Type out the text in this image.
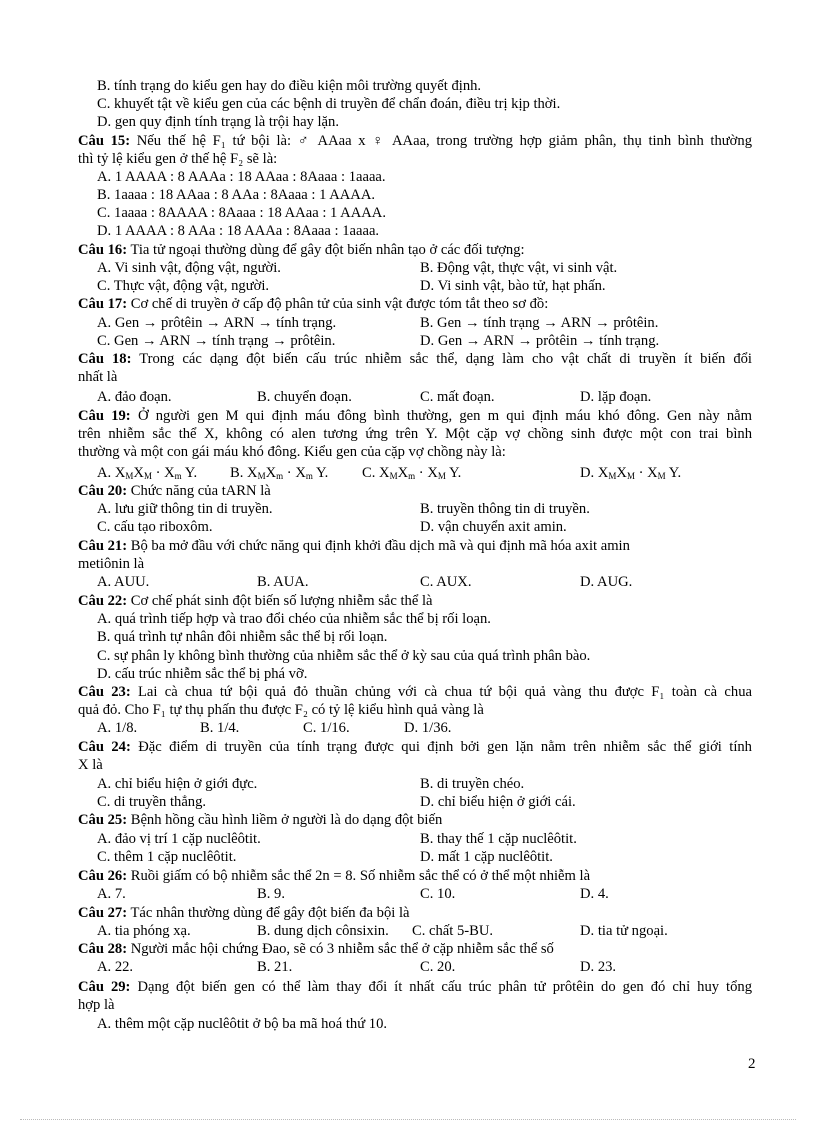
B. tính trạng do kiểu gen hay do điều kiện môi trường quyết định.
C. khuyết tật về kiểu gen của các bệnh di truyền để chẩn đoán, điều trị kịp thời.
D. gen quy định tính trạng là trội hay lặn.
Câu 15: Nếu thế hệ F₁ tứ bội là: ♂ AAaa x ♀ AAaa, trong trường hợp giảm phân, thụ tinh bình thường
thì tỷ lệ kiểu gen ở thế hệ F₂ sẽ là:
A. 1 AAAA : 8 AAAa : 18 AAaa : 8Aaaa : 1aaaa.
B. 1aaaa : 18 AAaa : 8 AAa : 8Aaaa : 1 AAAA.
C. 1aaaa : 8AAAA : 8Aaaa : 18 AAaa : 1 AAAA.
D. 1 AAAA : 8 AAa : 18 AAAa : 8Aaaa : 1aaaa.
Câu 16: Tia tử ngoại thường dùng để gây đột biến nhân tạo ở các đối tượng:
A. Vi sinh vật, động vật, người.	B. Động vật, thực vật, vi sinh vật.
C. Thực vật, động vật, người.	D. Vi sinh vật, bào tử, hạt phấn.
Câu 17: Cơ chế di truyền ở cấp độ phân tử của sinh vật được tóm tắt theo sơ đồ:
A. Gen → prôtêin → ARN → tính trạng.	B. Gen → tính trạng → ARN → prôtêin.
C. Gen → ARN → tính trạng → prôtêin.	D. Gen → ARN → prôtêin → tính trạng.
Câu 18: Trong các dạng đột biến cấu trúc nhiễm sắc thể, dạng làm cho vật chất di truyền ít biến đổi
nhất là
A. đảo đoạn.	B. chuyển đoạn.	C. mất đoạn.	D. lặp đoạn.
Câu 19: Ở người gen M qui định máu đông bình thường, gen m qui định máu khó đông. Gen này nằm
trên nhiễm sắc thể X, không có alen tương ứng trên Y. Một cặp vợ chồng sinh được một con trai bình
thường và một con gái máu khó đông. Kiểu gen của cặp vợ chồng này là:
A. $X_MX_M \cdot X_m$ Y. B. $X_MX_m \cdot X_m$ Y. C. $X_MX_m \cdot X_M$ Y.	D. $X_MX_M \cdot X_M$ Y.
Câu 20: Chức năng của tARN là
A. lưu giữ thông tin di truyền.	B. truyền thông tin di truyền.
C. cấu tạo riboxôm.	D. vận chuyển axit amin.
Câu 21: Bộ ba mở đầu với chức năng qui định khởi đầu dịch mã và qui định mã hóa axit amin
metiônin là
A. AUU.	B. AUA.	C. AUX.	D. AUG.
Câu 22: Cơ chế phát sinh đột biến số lượng nhiễm sắc thể là
A. quá trình tiếp hợp và trao đổi chéo của nhiễm sắc thể bị rối loạn.
B. quá trình tự nhân đôi nhiễm sắc thể bị rối loạn.
C. sự phân ly không bình thường của nhiễm sắc thể ở kỳ sau của quá trình phân bào.
D. cấu trúc nhiễm sắc thể bị phá vỡ.
Câu 23: Lai cà chua tứ bội quả đỏ thuần chủng với cà chua tứ bội quả vàng thu được F₁ toàn cà chua
quả đỏ. Cho F₁ tự thụ phấn thu được F₂ có tỷ lệ kiểu hình quả vàng là
A. 1/8.	B. 1/4.	C. 1/16.	D. 1/36.
Câu 24: Đặc điểm di truyền của tính trạng được qui định bởi gen lặn nằm trên nhiễm sắc thể giới tính
X là
A. chỉ biểu hiện ở giới đực.	B. di truyền chéo.
C. di truyền thẳng.	D. chỉ biểu hiện ở giới cái.
Câu 25: Bệnh hồng cầu hình liềm ở người là do dạng đột biến
A. đảo vị trí 1 cặp nuclêôtit.	B. thay thế 1 cặp nuclêôtit.
C. thêm 1 cặp nuclêôtit.	D. mất 1 cặp nuclêôtit.
Câu 26: Ruồi giấm có bộ nhiễm sắc thể 2n = 8. Số nhiễm sắc thể có ở thể một nhiễm là
A. 7.	B. 9.	C. 10.	D. 4.
Câu 27: Tác nhân thường dùng để gây đột biến đa bội là
A. tia phóng xạ.	B. dung dịch cônsixin. C. chất 5-BU.	D. tia tử ngoại.
Câu 28: Người mắc hội chứng Đao, sẽ có 3 nhiễm sắc thể ở cặp nhiễm sắc thể số
A. 22.	B. 21.	C. 20.	D. 23.
Câu 29: Dạng đột biến gen có thể làm thay đổi ít nhất cấu trúc phân tử prôtêin do gen đó chỉ huy tổng
hợp là
A. thêm một cặp nuclêôtit ở bộ ba mã hoá thứ 10.
2
